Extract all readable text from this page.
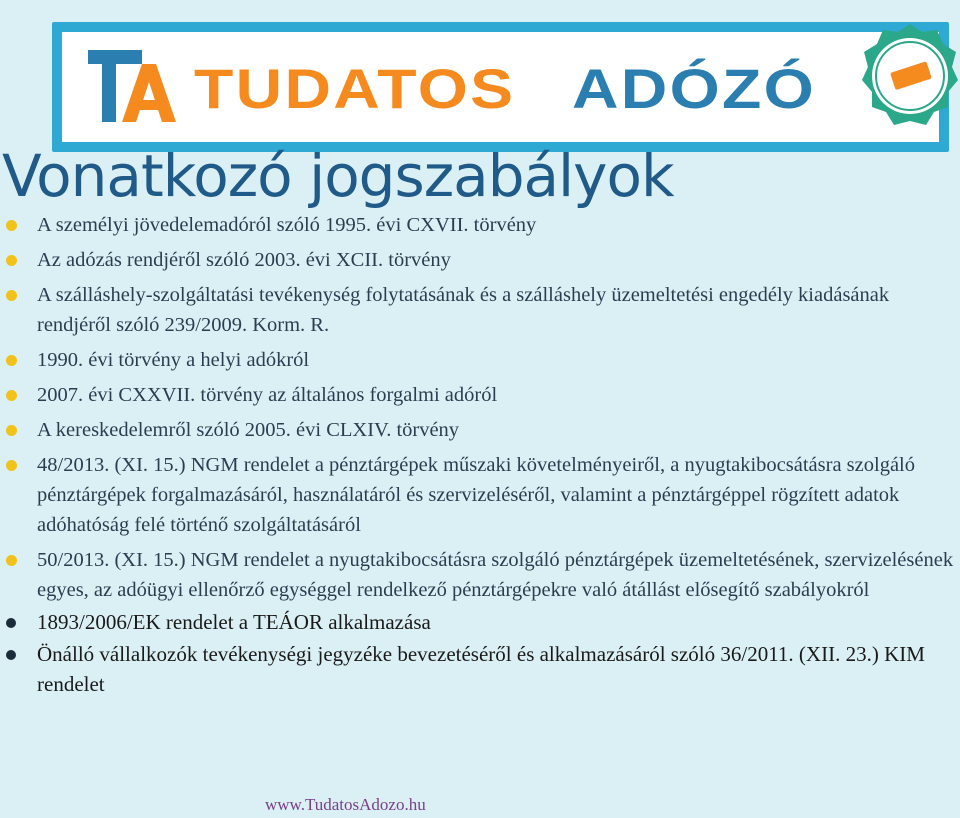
TUDATOS ADÓZÓ
Vonatkozó jogszabályok
A személyi jövedelemadóról szóló 1995. évi CXVII. törvény
Az adózás rendjéről szóló 2003. évi XCII. törvény
A szálláshely-szolgáltatási tevékenység folytatásának és a szálláshely üzemeltetési engedély kiadásának rendjéről szóló 239/2009. Korm. R.
1990. évi törvény a helyi adókról
2007. évi CXXVII. törvény az általános forgalmi adóról
A kereskedelemről szóló 2005. évi CLXIV. törvény
48/2013. (XI. 15.) NGM rendelet a pénztárgépek műszaki követelményeiről, a nyugtakibocsátásra szolgáló pénztárgépek forgalmazásáról, használatáról és szervizeléséről, valamint a pénztárgéppel rögzített adatok adóhatóság felé történő szolgáltatásáról
50/2013. (XI. 15.) NGM rendelet a nyugtakibocsátásra szolgáló pénztárgépek üzemeltetésének, szervizelésének egyes, az adóügyi ellenőrző egységgel rendelkező pénztárgépekre való átállást elősegítő szabályokról
1893/2006/EK rendelet a TEÁOR alkalmazása
Önálló vállalkozók tevékenységi jegyzéke bevezetéséről és alkalmazásáról szóló 36/2011. (XII. 23.) KIM rendelet
www.TudatosAdozo.hu
